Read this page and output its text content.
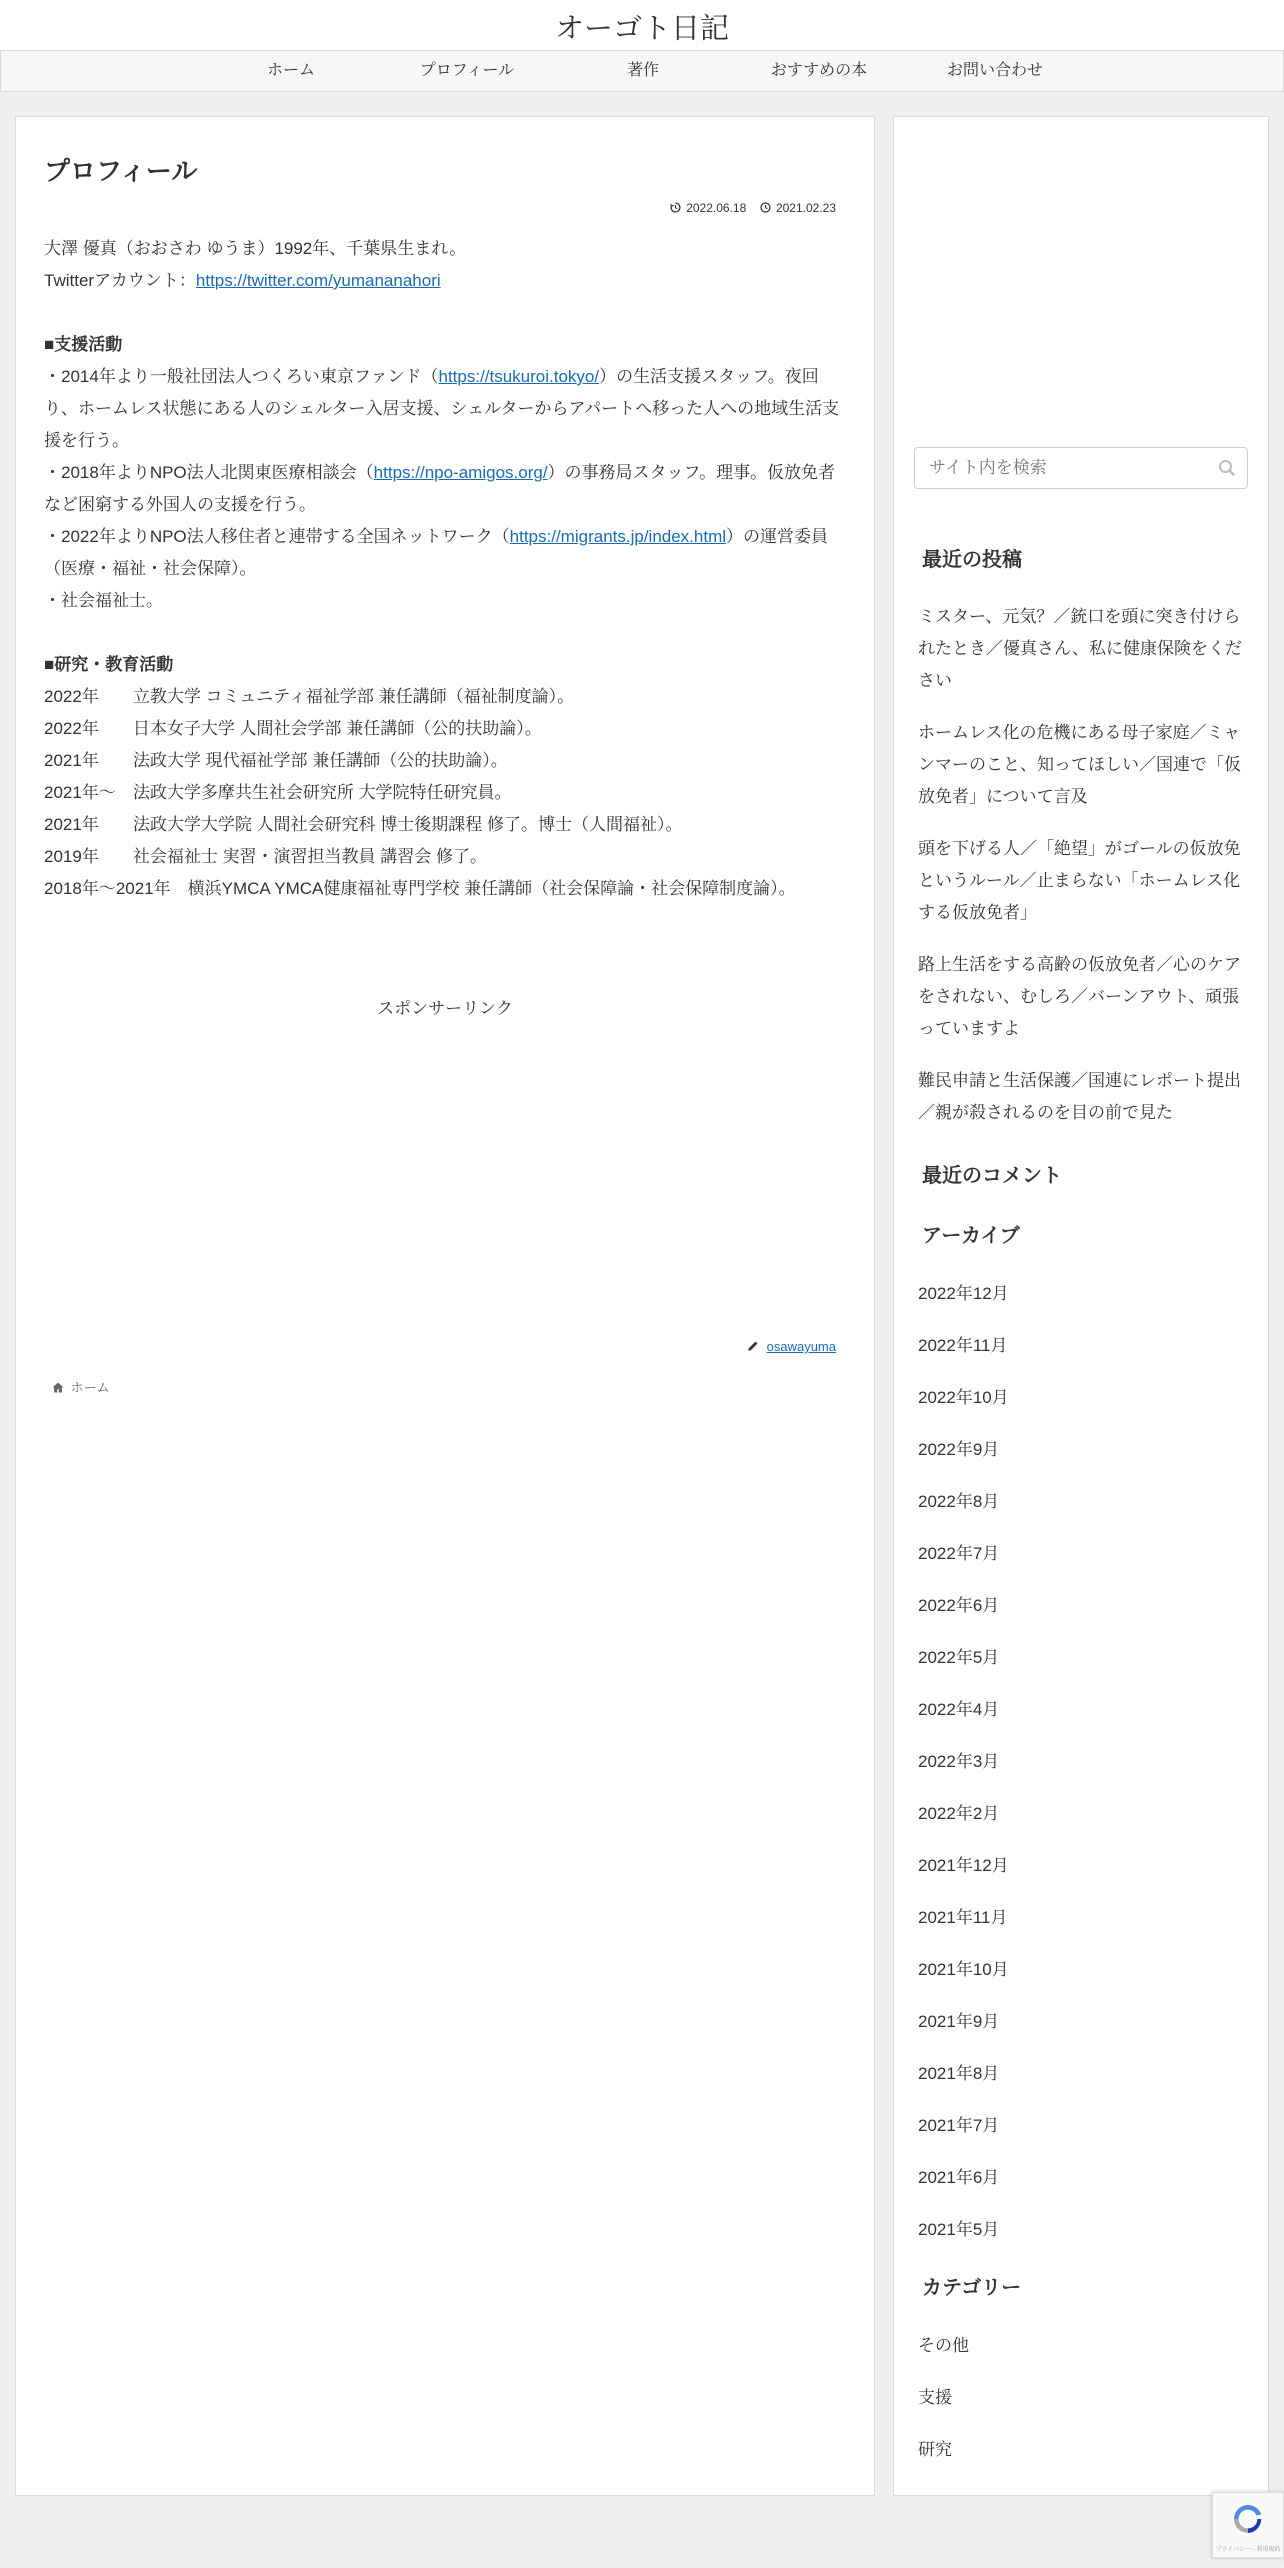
オーゴト日記
ホーム	プロフィール	著作	おすすめの本	お問い合わせ
プロフィール
2022.06.18 2021.02.23

大澤 優真（おおさわ ゆうま）1992年、千葉県生まれ。

Twitterアカウント：https://twitter.com/yumananahori

■支援活動

・2014年より一般社団法人つくろい東京ファンド（https://tsukuroi.tokyo/）の生活支援スタッフ。夜回り、ホームレス状態にある人のシェルター入居支援、シェルターからアパートへ移った人への地域生活支援を行う。

・2018年よりNPO法人北関東医療相談会（https://npo-amigos.org/）の事務局スタッフ。理事。仮放免者など困窮する外国人の支援を行う。

・2022年よりNPO法人移住者と連帯する全国ネットワーク（https://migrants.jp/index.html）の運営委員（医療・福祉・社会保障）。

・社会福祉士。

■研究・教育活動

2022年　　立教大学 コミュニティ福祉学部 兼任講師（福祉制度論）。

2022年　　日本女子大学 人間社会学部 兼任講師（公的扶助論）。

2021年　　法政大学 現代福祉学部 兼任講師（公的扶助論）。

2021年～　法政大学多摩共生社会研究所 大学院特任研究員。

2021年　　法政大学大学院 人間社会研究科 博士後期課程 修了。博士（人間福祉）。

2019年　　社会福祉士 実習・演習担当教員 講習会 修了。

2018年～2021年　横浜YMCA YMCA健康福祉専門学校 兼任講師（社会保障論・社会保障制度論）。

スポンサーリンク
osawayuma
ホーム
サイト内を検索
最近の投稿
ミスター、元気？／銃口を頭に突き付けられたとき／優真さん、私に健康保険をください
ホームレス化の危機にある母子家庭／ミャンマーのこと、知ってほしい／国連で「仮放免者」について言及
頭を下げる人／「絶望」がゴールの仮放免というルール／止まらない「ホームレス化する仮放免者」
路上生活をする高齢の仮放免者／心のケアをされない、むしろ／バーンアウト、頑張っていますよ
難民申請と生活保護／国連にレポート提出／親が殺されるのを目の前で見た
最近のコメント
アーカイブ
2022年12月
2022年11月
2022年10月
2022年9月
2022年8月
2022年7月
2022年6月
2022年5月
2022年4月
2022年3月
2022年2月
2021年12月
2021年11月
2021年10月
2021年9月
2021年8月
2021年7月
2021年6月
2021年5月
カテゴリー
その他
支援
研究
プライバシー - 利用規約
